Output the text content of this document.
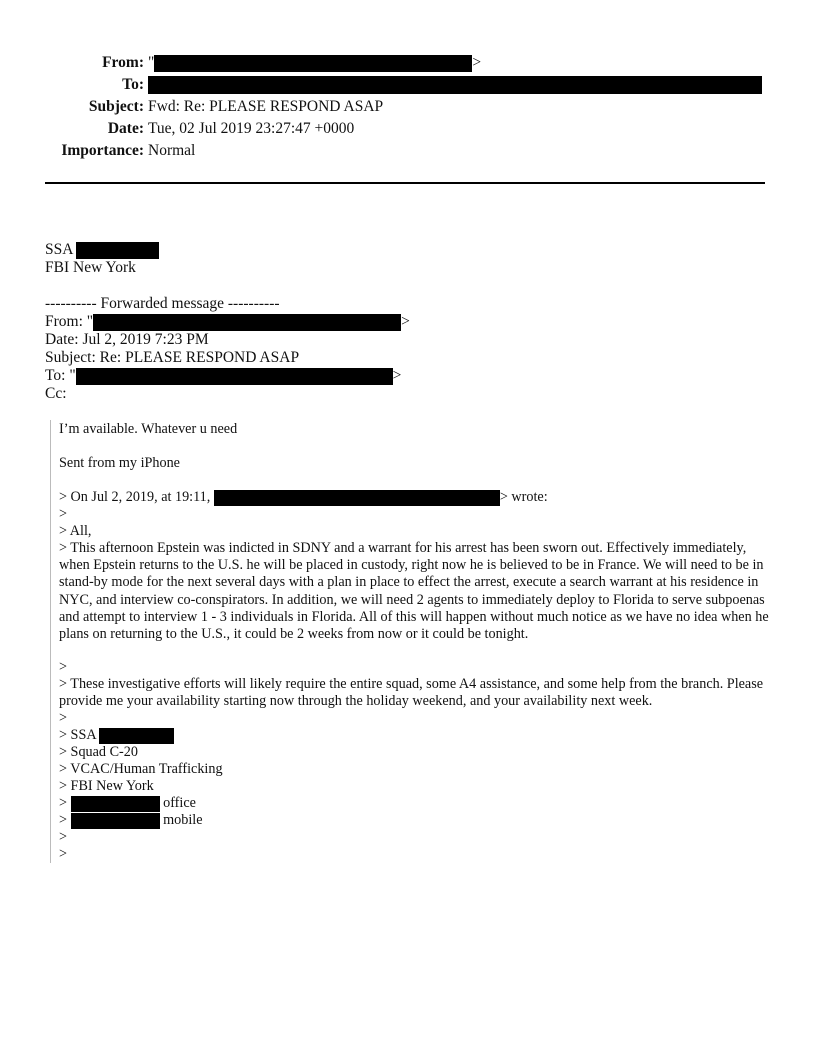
From: "	>
To:
Subject: Fwd: Re: PLEASE RESPOND ASAP
Date: Tue, 02 Jul 2019 23:27:47 +0000
Importance: Normal
SSA
FBI New York
---------- Forwarded message ----------
From: "	>
Date: Jul 2, 2019 7:23 PM
Subject: Re: PLEASE RESPOND ASAP
To: "	>
Cc:
I’m available. Whatever u need
Sent from my iPhone
> On Jul 2, 2019, at 19:11,	> wrote:
>
> All,
> This afternoon Epstein was indicted in SDNY and a warrant for his arrest has been sworn out. Effectively immediately, when Epstein returns to the U.S. he will be placed in custody, right now he is believed to be in France. We will need to be in stand-by mode for the next several days with a plan in place to effect the arrest, execute a search warrant at his residence in NYC, and interview co-conspirators. In addition, we will need 2 agents to immediately deploy to Florida to serve subpoenas and attempt to interview 1 - 3 individuals in Florida. All of this will happen without much notice as we have no idea when he plans on returning to the U.S., it could be 2 weeks from now or it could be tonight.
>
> These investigative efforts will likely require the entire squad, some A4 assistance, and some help from the branch. Please provide me your availability starting now through the holiday weekend, and your availability next week.
>
> SSA
> Squad C-20
> VCAC/Human Trafficking
> FBI New York
>	office
>	mobile
>
>
